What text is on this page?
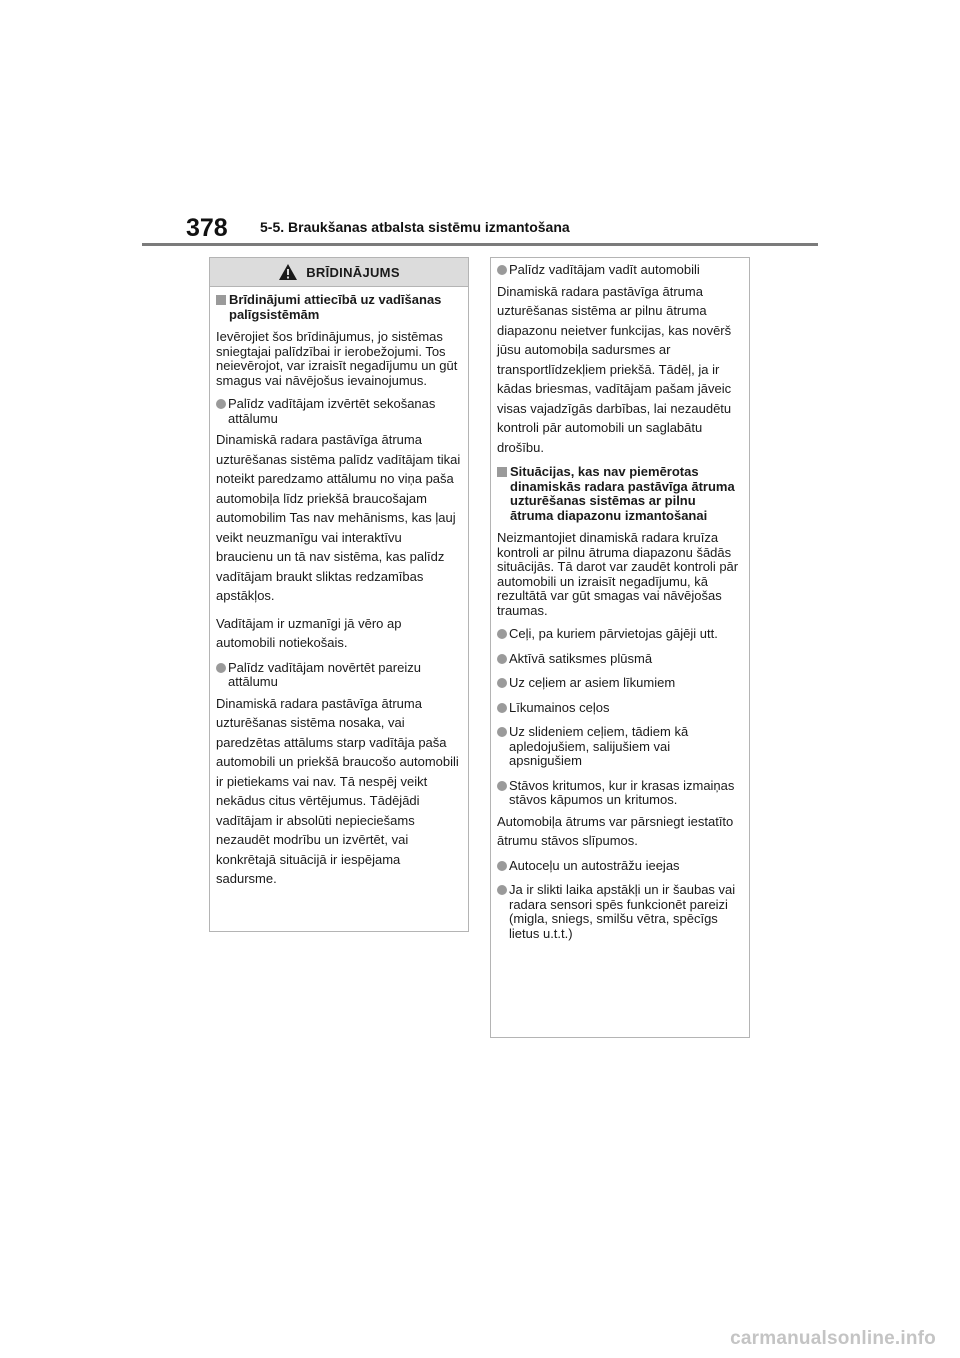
378 5-5. Braukšanas atbalsta sistēmu izmantošana
BRĪDINĀJUMS
Brīdinājumi attiecībā uz vadīšanas palīgsistēmām

Ievērojiet šos brīdinājumus, jo sistēmas sniegtajai palīdzībai ir ierobežojumi. Tos neievērojot, var izraisīt negadījumu un gūt smagus vai nāvējošus ievainojumus.

Palīdz vadītājam izvērtēt sekošanas attālumu

Dinamiskā radara pastāvīga ātruma uzturēšanas sistēma palīdz vadītājam tikai noteikt paredzamo attālumu no viņa paša automobiļa līdz priekšā braucošajam automobilim Tas nav mehānisms, kas ļauj veikt neuzmanīgu vai interaktīvu braucienu un tā nav sistēma, kas palīdz vadītājam braukt sliktas redzamības apstākļos.

Vadītājam ir uzmanīgi jā vēro ap automobili notiekošais.

Palīdz vadītājam novērtēt pareizu attālumu

Dinamiskā radara pastāvīga ātruma uzturēšanas sistēma nosaka, vai paredzētas attālums starp vadītāja paša automobili un priekšā braucošo automobili ir pietiekams vai nav. Tā nespēj veikt nekādus citus vērtējumus. Tādējādi vadītājam ir absolūti nepieciešams nezaudēt modrību un izvērtēt, vai konkrētajā situācijā ir iespējama sadursme.

Palīdz vadītājam vadīt automobili

Dinamiskā radara pastāvīga ātruma uzturēšanas sistēma ar pilnu ātruma diapazonu neietver funkcijas, kas novērš jūsu automobiļa sadursmes ar transportlīdzekļiem priekšā. Tādēļ, ja ir kādas briesmas, vadītājam pašam jāveic visas vajadzīgās darbības, lai nezaudētu kontroli pār automobili un saglabātu drošību.

Situācijas, kas nav piemērotas dinamiskās radara pastāvīga ātruma uzturēšanas sistēmas ar pilnu ātruma diapazonu izmantošanai

Neizmantojiet dinamiskā radara kruīza kontroli ar pilnu ātruma diapazonu šādās situācijās. Tā darot var zaudēt kontroli pār automobili un izraisīt negadījumu, kā rezultātā var gūt smagas vai nāvējošas traumas.

Ceļi, pa kuriem pārvietojas gājēji utt.
Aktīvā satiksmes plūsmā
Uz ceļiem ar asiem līkumiem
Līkumainos ceļos
Uz slideniem ceļiem, tādiem kā apledojušiem, salijušiem vai apsnigušiem
Stāvos kritumos, kur ir krasas izmaiņas stāvos kāpumos un kritumos.

Automobiļa ātrums var pārsniegt iestatīto ātrumu stāvos slīpumos.

Autoceļu un autostrāžu ieejas
Ja ir slikti laika apstākļi un ir šaubas vai radara sensori spēs funkcionēt pareizi (migla, sniegs, smilšu vētra, spēcīgs lietus u.t.t.)
carmanualsonline.info
